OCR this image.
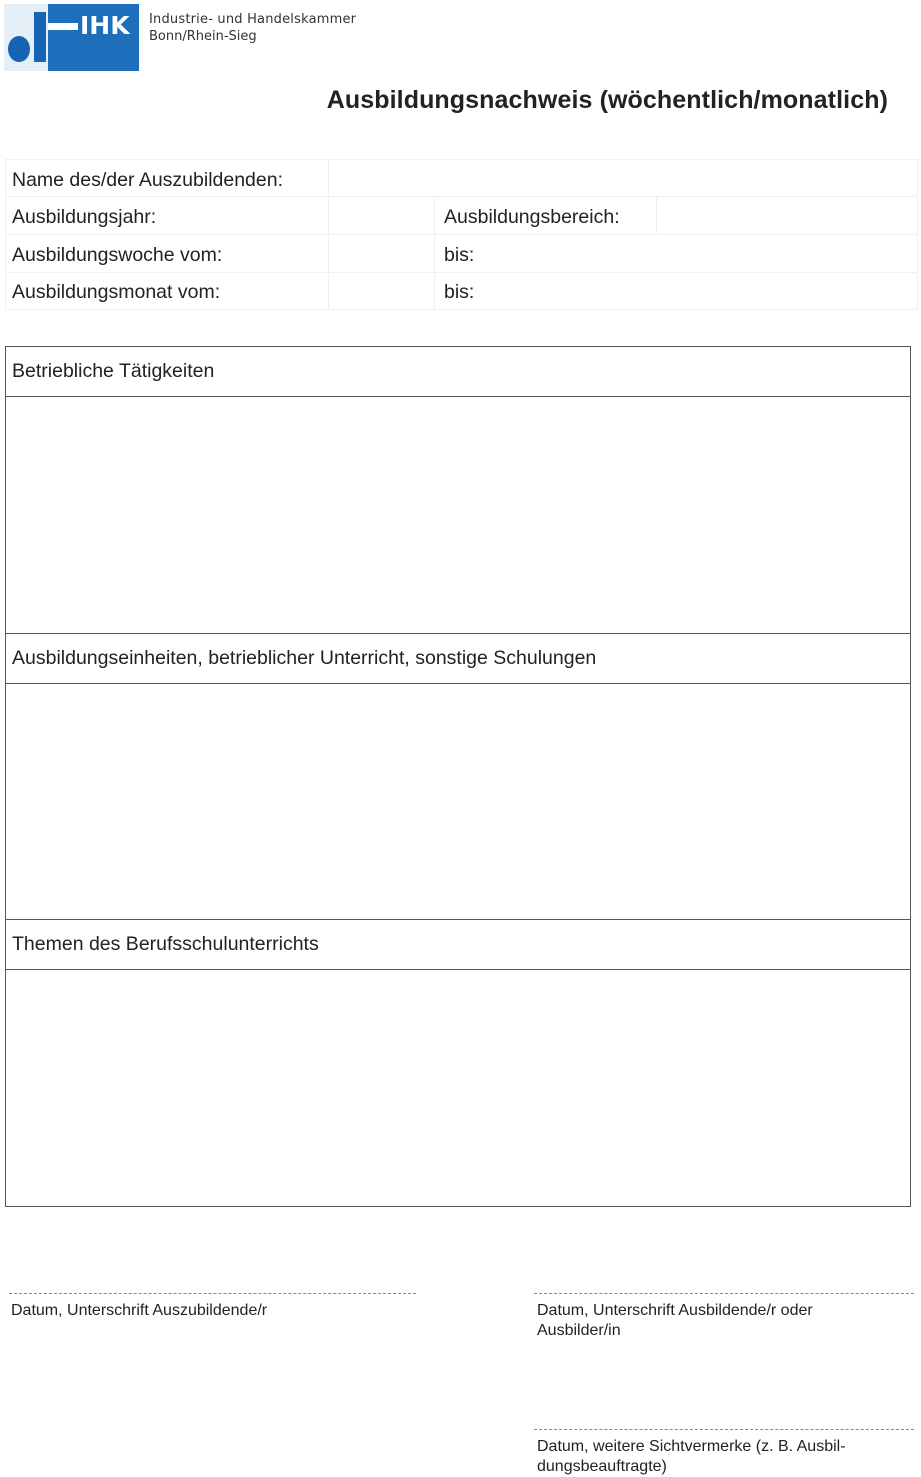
IHK Industrie- und Handelskammer
Bonn/Rhein-Sieg
Ausbildungsnachweis (wöchentlich/monatlich)
Name des/der Auszubildenden:
Ausbildungsjahr:	Ausbildungsbereich:
Ausbildungswoche vom:	bis:
Ausbildungsmonat vom:	bis:
Betriebliche Tätigkeiten
Ausbildungseinheiten, betrieblicher Unterricht, sonstige Schulungen
Themen des Berufsschulunterrichts
Datum, Unterschrift Auszubildende/r	Datum, Unterschrift Ausbildende/r oder Ausbilder/in
Datum, weitere Sichtvermerke (z. B. Ausbil-dungsbeauftragte)
